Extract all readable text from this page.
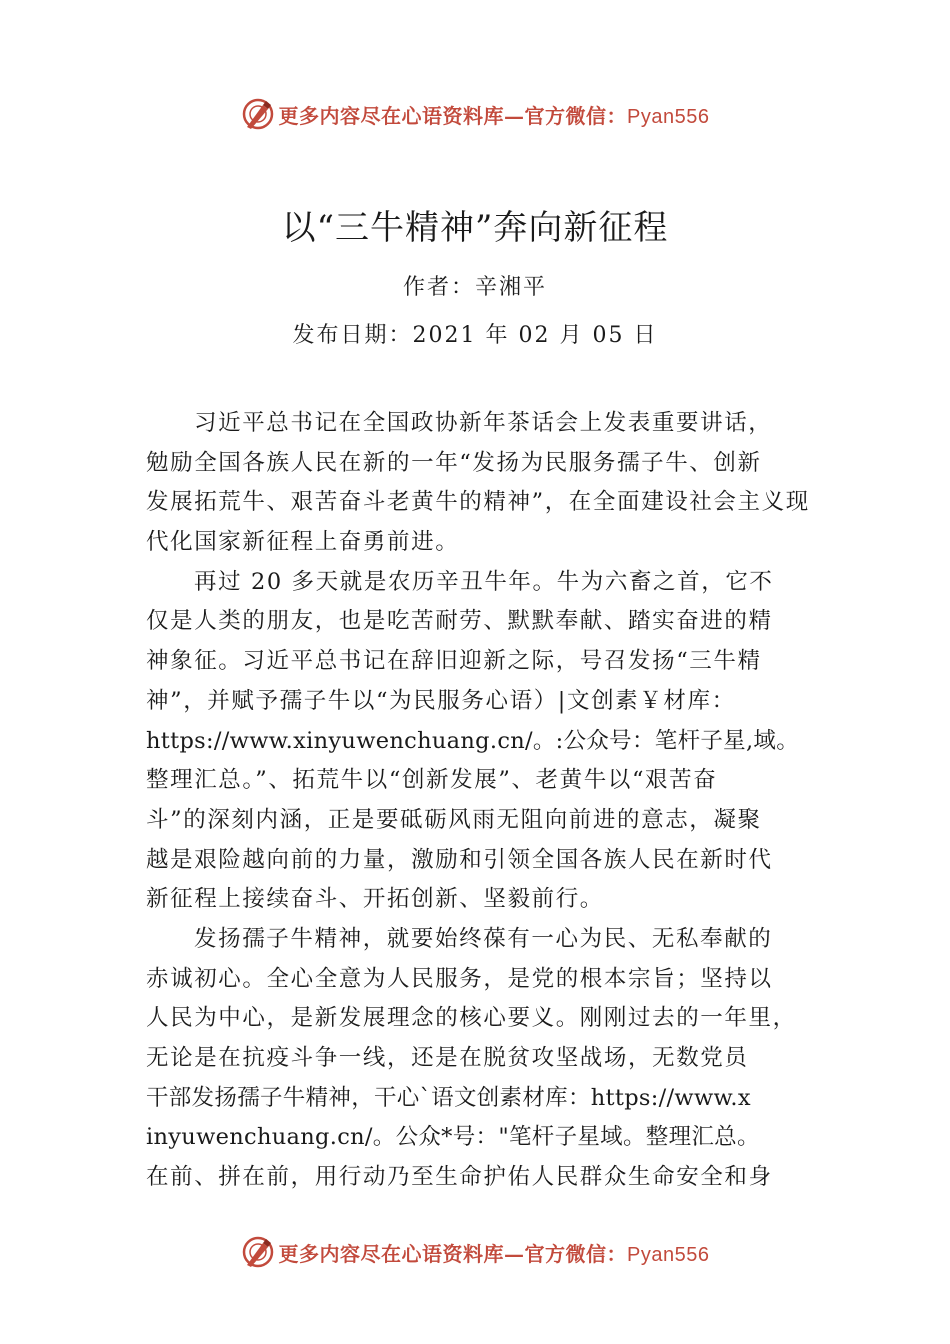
更多内容尽在心语资料库—官方微信：Pyan556
以“三牛精神”奔向新征程
作者：辛湘平
发布日期：2021 年 02 月 05 日
习近平总书记在全国政协新年茶话会上发表重要讲话，
勉励全国各族人民在新的一年“发扬为民服务孺子牛、创新
发展拓荒牛、艰苦奋斗老黄牛的精神”，在全面建设社会主义现
代化国家新征程上奋勇前进。
再过 20 多天就是农历辛丑牛年。牛为六畜之首，它不
仅是人类的朋友，也是吃苦耐劳、默默奉献、踏实奋进的精
神象征。习近平总书记在辞旧迎新之际，号召发扬“三牛精
神”，并赋予孺子牛以“为民服务心语）|文创素￥材库：
https://www.xinyuwenchuang.cn/。:公众号：笔杆子星,域。
整理汇总。”、拓荒牛以“创新发展”、老黄牛以“艰苦奋
斗”的深刻内涵，正是要砥砺风雨无阻向前进的意志，凝聚
越是艰险越向前的力量，激励和引领全国各族人民在新时代
新征程上接续奋斗、开拓创新、坚毅前行。
发扬孺子牛精神，就要始终葆有一心为民、无私奉献的
赤诚初心。全心全意为人民服务，是党的根本宗旨；坚持以
人民为中心，是新发展理念的核心要义。刚刚过去的一年里，
无论是在抗疫斗争一线，还是在脱贫攻坚战场，无数党员
干部发扬孺子牛精神，干心`语文创素材库：https://www.x
inyuwenchuang.cn/。公众*号："笔杆子星域。整理汇总。
在前、拼在前，用行动乃至生命护佑人民群众生命安全和身
更多内容尽在心语资料库—官方微信：Pyan556
